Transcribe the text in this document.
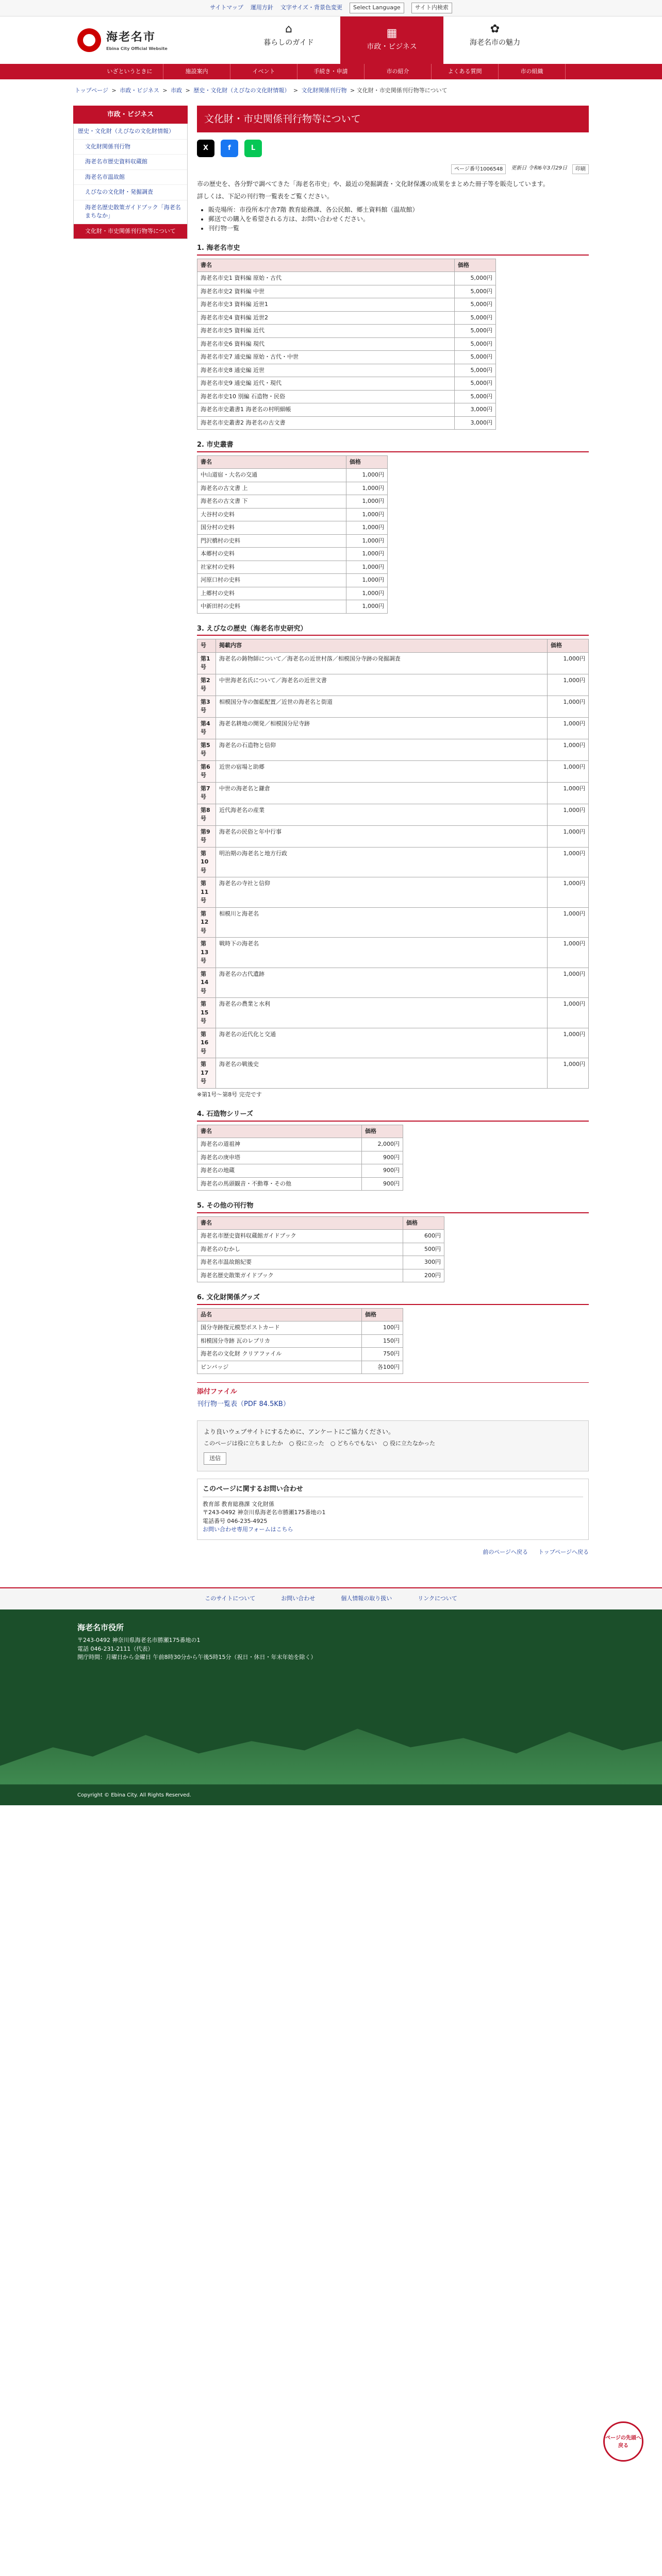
サイトマップ 運用方針 文字サイズ・背景色変更	Select Language	サイト内検索
海老名市
Ebina City Official Website
⌂
暮らしのガイド
▦
市政・ビジネス
✿
海老名市の魅力
いざというときに	施設案内	イベント	手続き・申請	市の紹介	よくある質問	市の組織
トップページ > 市政・ビジネス > 市政 > 歴史・文化財（えびなの文化財情報） > 文化財関係刊行物 > 文化財・市史関係刊行物等について
市政・ビジネス
歴史・文化財（えびなの文化財情報）
文化財関係刊行物
海老名市歴史資料収蔵館
海老名市温故館
えびなの文化財・発掘調査
海老名歴史散策ガイドブック「海老名まちなか」
文化財・市史関係刊行物等について
文化財・市史関係刊行物等について
X	f	L
ページ番号1006548	更新日 令和6年3月29日	印刷

市の歴史を、各分野で調べてきた「海老名市史」や、最近の発掘調査・文化財保護の成果をまとめた冊子等を販売しています。

詳しくは、下記の刊行物一覧表をご覧ください。

• 販売場所：市役所本庁舎7階 教育総務課、各公民館、郷土資料館（温故館）
• 郵送での購入を希望される方は、お問い合わせください。
• 刊行物一覧
1. 海老名市史
書名	価格
海老名市史1 資料編 原始・古代	5,000円
海老名市史2 資料編 中世	5,000円
海老名市史3 資料編 近世1	5,000円
海老名市史4 資料編 近世2	5,000円
海老名市史5 資料編 近代	5,000円
海老名市史6 資料編 現代	5,000円
海老名市史7 通史編 原始・古代・中世	5,000円
海老名市史8 通史編 近世	5,000円
海老名市史9 通史編 近代・現代	5,000円
海老名市史10 別編 石造物・民俗	5,000円
海老名市史叢書1 海老名の村明細帳	3,000円
海老名市史叢書2 海老名の古文書	3,000円
2. 市史叢書
書名	価格
中山道宿・大名の交通	1,000円
海老名の古文書 上	1,000円
海老名の古文書 下	1,000円
大谷村の史料	1,000円
国分村の史料	1,000円
門沢橋村の史料	1,000円
本郷村の史料	1,000円
社家村の史料	1,000円
河原口村の史料	1,000円
上郷村の史料	1,000円
中新田村の史料	1,000円
3. えびなの歴史（海老名市史研究）
号	掲載内容	価格
第1号	海老名の鋳物師について／海老名の近世村落／相模国分寺跡の発掘調査	1,000円
第2号	中世海老名氏について／海老名の近世文書	1,000円
第3号	相模国分寺の伽藍配置／近世の海老名と街道	1,000円
第4号	海老名耕地の開発／相模国分尼寺跡	1,000円
第5号	海老名の石造物と信仰	1,000円
第6号	近世の宿場と助郷	1,000円
第7号	中世の海老名と鎌倉	1,000円
第8号	近代海老名の産業	1,000円
第9号	海老名の民俗と年中行事	1,000円
第10号	明治期の海老名と地方行政	1,000円
第11号	海老名の寺社と信仰	1,000円
第12号	相模川と海老名	1,000円
第13号	戦時下の海老名	1,000円
第14号	海老名の古代遺跡	1,000円
第15号	海老名の農業と水利	1,000円
第16号	海老名の近代化と交通	1,000円
第17号	海老名の戦後史	1,000円

※第1号～第8号 完売です

4. 石造物シリーズ
書名	価格
海老名の道祖神	2,000円
海老名の庚申塔	900円
海老名の地蔵	900円
海老名の馬頭観音・不動尊・その他	900円
5. その他の刊行物
書名	価格
海老名市歴史資料収蔵館ガイドブック	600円
海老名のむかし	500円
海老名市温故館紀要	300円
海老名歴史散策ガイドブック	200円
6. 文化財関係グッズ
品名	価格
国分寺跡復元模型ポストカード	100円
相模国分寺跡 瓦のレプリカ	150円
海老名の文化財 クリアファイル	750円
ピンバッジ	各100円
添付ファイル
刊行物一覧表（PDF 84.5KB）

より良いウェブサイトにするために、アンケートにご協力ください。

このページは役に立ちましたか ○ 役に立った ○ どちらでもない ○ 役に立たなかった
送信
このページに関するお問い合わせ

教育部 教育総務課 文化財係

〒243-0492 神奈川県海老名市勝瀬175番地の1

電話番号 046-235-4925

お問い合わせ専用フォームはこちら
前のページへ戻る トップページへ戻る
ページの先頭へ戻る
このサイトについて	お問い合わせ	個人情報の取り扱い	リンクについて
海老名市役所

〒243-0492 神奈川県海老名市勝瀬175番地の1

電話 046-231-2111（代表）

開庁時間：月曜日から金曜日 午前8時30分から午後5時15分（祝日・休日・年末年始を除く）

Copyright © Ebina City. All Rights Reserved.
